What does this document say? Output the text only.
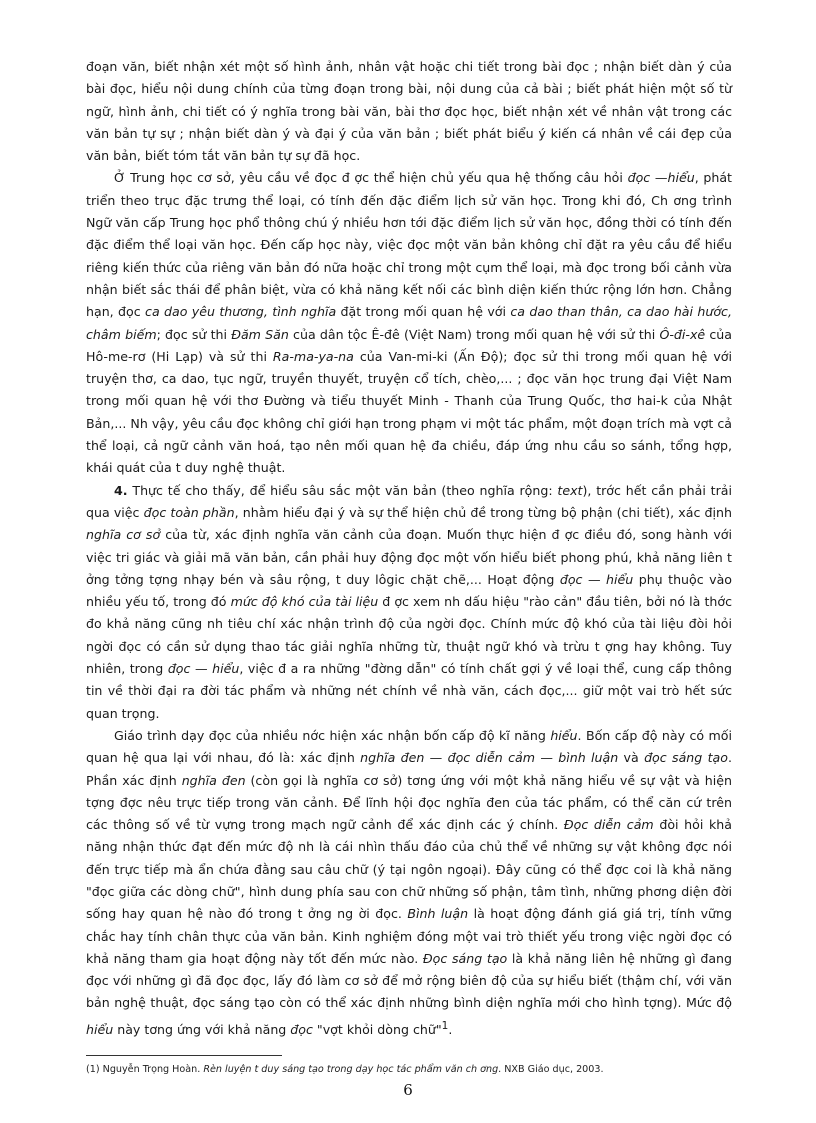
đoạn văn, biết nhận xét một số hình ảnh, nhân vật hoặc chi tiết trong bài đọc ; nhận biết dàn ý của bài đọc, hiểu nội dung chính của từng đoạn trong bài, nội dung của cả bài ; biết phát hiện một số từ ngữ, hình ảnh, chi tiết có ý nghĩa trong bài văn, bài thơ đọc học, biết nhận xét về nhân vật trong các văn bản tự sự ; nhận biết dàn ý và đại ý của văn bản ; biết phát biểu ý kiến cá nhân về cái đẹp của văn bản, biết tóm tắt văn bản tự sự đã học.

Ở Trung học cơ sở, yêu cầu về đọc đ ợc thể hiện chủ yếu qua hệ thống câu hỏi đọc —hiểu, phát triển theo trục đặc trưng thể loại, có tính đến đặc điểm lịch sử văn học. Trong khi đó, Ch ơng trình Ngữ văn cấp Trung học phổ thông chú ý nhiều hơn tới đặc điểm lịch sử văn học, đồng thời có tính đến đặc điểm thể loại văn học. Đến cấp học này, việc đọc một văn bản không chỉ đặt ra yêu cầu để hiểu riêng kiến thức của riêng văn bản đó nữa hoặc chỉ trong một cụm thể loại, mà đọc trong bối cảnh vừa nhận biết sắc thái để phân biệt, vừa có khả năng kết nối các bình diện kiến thức rộng lớn hơn. Chẳng hạn, đọc ca dao yêu thương, tình nghĩa đặt trong mối quan hệ với ca dao than thân, ca dao hài hước, châm biếm; đọc sử thi Đăm Săn của dân tộc Ê-đê (Việt Nam) trong mối quan hệ với sử thi Ô-đi-xê của Hô-me-rơ (Hi Lạp) và sử thi Ra-ma-ya-na của Van-mi-ki (Ấn Độ); đọc sử thi trong mối quan hệ với truyện thơ, ca dao, tục ngữ, truyền thuyết, truyện cổ tích, chèo,... ; đọc văn học trung đại Việt Nam trong mối quan hệ với thơ Đường và tiểu thuyết Minh - Thanh của Trung Quốc, thơ hai-k của Nhật Bản,... Nh vậy, yêu cầu đọc không chỉ giới hạn trong phạm vi một tác phẩm, một đoạn trích mà vợt cả thể loại, cả ngữ cảnh văn hoá, tạo nên mối quan hệ đa chiều, đáp ứng nhu cầu so sánh, tổng hợp, khái quát của t duy nghệ thuật.

4. Thực tế cho thấy, để hiểu sâu sắc một văn bản (theo nghĩa rộng: text), trớc hết cần phải trải qua việc đọc toàn phần, nhằm hiểu đại ý và sự thể hiện chủ đề trong từng bộ phận (chi tiết), xác định nghĩa cơ sở của từ, xác định nghĩa văn cảnh của đoạn. Muốn thực hiện đ ợc điều đó, song hành với việc tri giác và giải mã văn bản, cần phải huy động đọc một vốn hiểu biết phong phú, khả năng liên t ởng tởng tợng nhạy bén và sâu rộng, t duy lôgic chặt chẽ,... Hoạt động đọc — hiểu phụ thuộc vào nhiều yếu tố, trong đó mức độ khó của tài liệu đ ợc xem nh dấu hiệu "rào cản" đầu tiên, bởi nó là thớc đo khả năng cũng nh tiêu chí xác nhận trình độ của ngời đọc. Chính mức độ khó của tài liệu đòi hỏi ngời đọc có cần sử dụng thao tác giải nghĩa những từ, thuật ngữ khó và trừu t ợng hay không. Tuy nhiên, trong đọc — hiểu, việc đ a ra những "đờng dẫn" có tính chất gợi ý về loại thể, cung cấp thông tin về thời đại ra đời tác phẩm và những nét chính về nhà văn, cách đọc,... giữ một vai trò hết sức quan trọng.

Giáo trình dạy đọc của nhiều nớc hiện xác nhận bốn cấp độ kĩ năng hiểu. Bốn cấp độ này có mối quan hệ qua lại với nhau, đó là: xác định nghĩa đen — đọc diễn cảm — bình luận và đọc sáng tạo. Phần xác định nghĩa đen (còn gọi là nghĩa cơ sở) tơng ứng với một khả năng hiểu về sự vật và hiện tợng đợc nêu trực tiếp trong văn cảnh. Để lĩnh hội đọc nghĩa đen của tác phẩm, có thể căn cứ trên các thông số về từ vựng trong mạch ngữ cảnh để xác định các ý chính. Đọc diễn cảm đòi hỏi khả năng nhận thức đạt đến mức độ nh là cái nhìn thấu đáo của chủ thể về những sự vật không đợc nói đến trực tiếp mà ẩn chứa đằng sau câu chữ (ý tại ngôn ngoại). Đây cũng có thể đợc coi là khả năng "đọc giữa các dòng chữ", hình dung phía sau con chữ những số phận, tâm tình, những phơng diện đời sống hay quan hệ nào đó trong t ởng ng ời đọc. Bình luận là hoạt động đánh giá giá trị, tính vững chắc hay tính chân thực của văn bản. Kinh nghiệm đóng một vai trò thiết yếu trong việc ngời đọc có khả năng tham gia hoạt động này tốt đến mức nào. Đọc sáng tạo là khả năng liên hệ những gì đang đọc với những gì đã đọc đọc, lấy đó làm cơ sở để mở rộng biên độ của sự hiểu biết (thậm chí, với văn bản nghệ thuật, đọc sáng tạo còn có thể xác định những bình diện nghĩa mới cho hình tợng). Mức độ hiểu này tơng ứng với khả năng đọc "vợt khỏi dòng chữ"$^1$.

(1) Nguyễn Trọng Hoàn. Rèn luyện t duy sáng tạo trong dạy học tác phẩm văn ch ơng. NXB Giáo dục, 2003.
6
